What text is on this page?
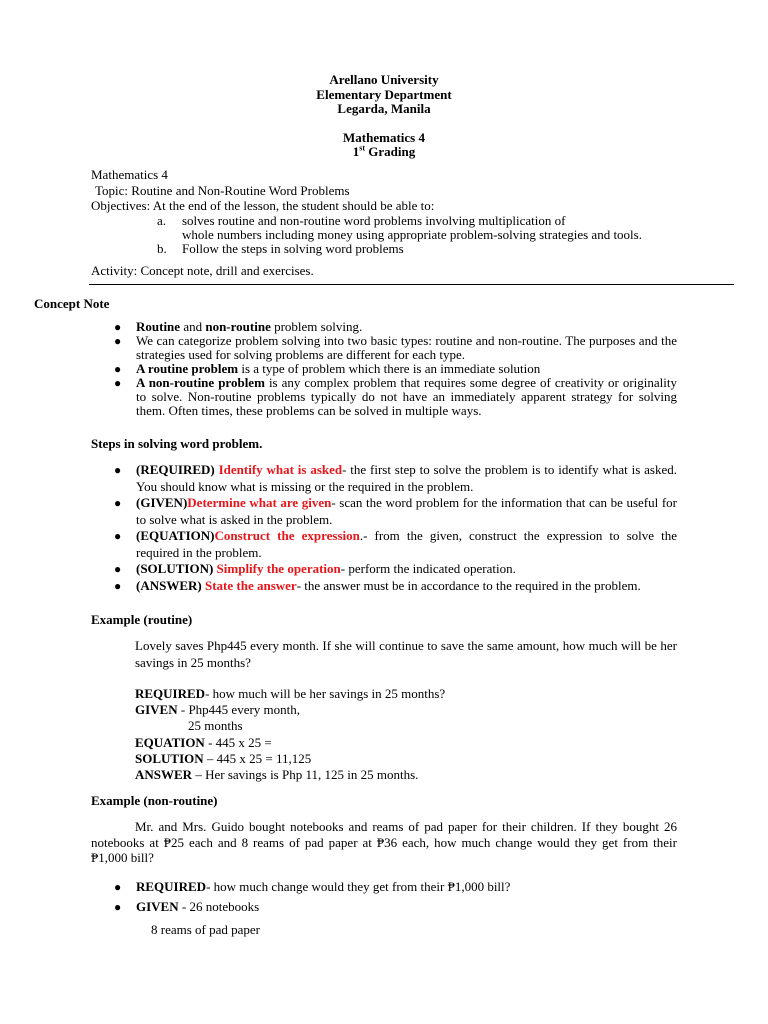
Arellano University
Elementary Department
Legarda, Manila
Mathematics 4
1st Grading
Mathematics 4
Topic: Routine and Non-Routine Word Problems
Objectives: At the end of the lesson, the student should be able to:
a. solves routine and non-routine word problems involving multiplication of
whole numbers including money using appropriate problem-solving strategies and tools.
b. Follow the steps in solving word problems
Activity: Concept note, drill and exercises.
Concept Note
● Routine and non-routine problem solving.
● We can categorize problem solving into two basic types: routine and non-routine. The purposes and the strategies used for solving problems are different for each type.
● A routine problem is a type of problem which there is an immediate solution
● A non-routine problem is any complex problem that requires some degree of creativity or originality to solve. Non-routine problems typically do not have an immediately apparent strategy for solving them. Often times, these problems can be solved in multiple ways.
Steps in solving word problem.
● (REQUIRED) Identify what is asked- the first step to solve the problem is to identify what is asked. You should know what is missing or the required in the problem.
● (GIVEN)Determine what are given- scan the word problem for the information that can be useful for to solve what is asked in the problem.
● (EQUATION)Construct the expression.- from the given, construct the expression to solve the required in the problem.
● (SOLUTION) Simplify the operation- perform the indicated operation.
● (ANSWER) State the answer- the answer must be in accordance to the required in the problem.
Example (routine)
Lovely saves Php445 every month. If she will continue to save the same amount, how much will be her savings in 25 months?
REQUIRED- how much will be her savings in 25 months?
GIVEN - Php445 every month,
25 months
EQUATION - 445 x 25 =
SOLUTION – 445 x 25 = 11,125
ANSWER – Her savings is Php 11, 125 in 25 months.
Example (non-routine)
Mr. and Mrs. Guido bought notebooks and reams of pad paper for their children. If they bought 26 notebooks at ₱25 each and 8 reams of pad paper at ₱36 each, how much change would they get from their ₱1,000 bill?
● REQUIRED- how much change would they get from their ₱1,000 bill?
● GIVEN - 26 notebooks
8 reams of pad paper
